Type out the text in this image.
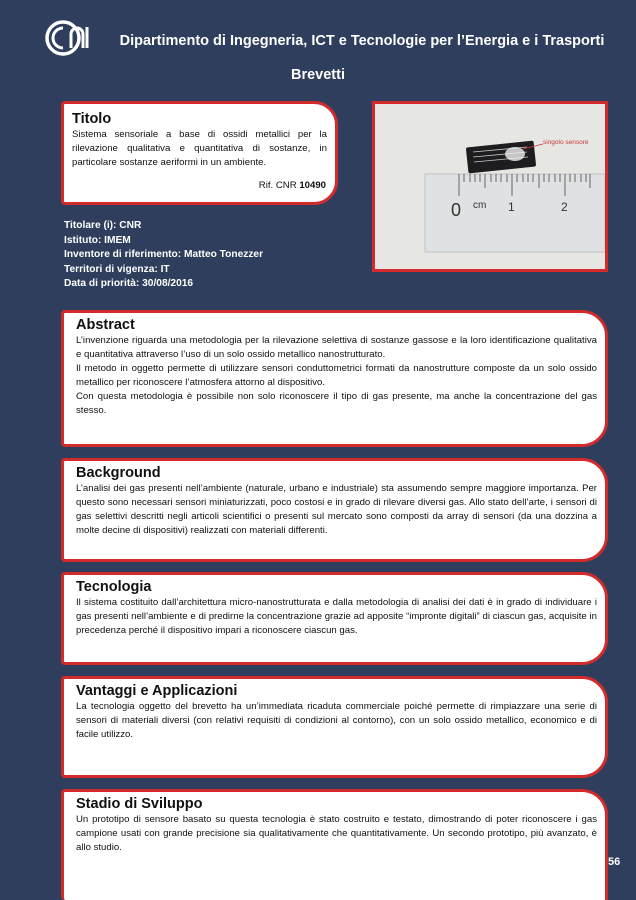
Dipartimento di Ingegneria, ICT e Tecnologie per l’Energia e i Trasporti
Brevetti
Titolo
Sistema sensoriale a base di ossidi metallici per la rilevazione qualitativa e quantitativa di sostanze, in particolare sostanze aeriformi in un ambiente.
Rif. CNR 10490
singolo sensore
0 cm 1	2
Titolare (i): CNR
Istituto: IMEM
Inventore di riferimento: Matteo Tonezzer
Territori di vigenza: IT
Data di priorità: 30/08/2016
Abstract
L’invenzione riguarda una metodologia per la rilevazione selettiva di sostanze gassose e la loro identificazione qualitativa e quantitativa attraverso l’uso di un solo ossido metallico nanostrutturato.
Il metodo in oggetto permette di utilizzare sensori conduttometrici formati da nanostrutture composte da un solo ossido metallico per riconoscere l’atmosfera attorno al dispositivo.
Con questa metodologia è possibile non solo riconoscere il tipo di gas presente, ma anche la concentrazione del gas stesso.
Background
L’analisi dei gas presenti nell’ambiente (naturale, urbano e industriale) sta assumendo sempre maggiore importanza. Per questo sono necessari sensori miniaturizzati, poco costosi e in grado di rilevare diversi gas. Allo stato dell’arte, i sensori di gas selettivi descritti negli articoli scientifici o presenti sul mercato sono composti da array di sensori (da una dozzina a molte decine di dispositivi) realizzati con materiali differenti.
Tecnologia
Il sistema costituito dall’architettura micro-nanostrutturata e dalla metodologia di analisi dei dati è in grado di individuare i gas presenti nell’ambiente e di predirne la concentrazione grazie ad apposite “impronte digitali” di ciascun gas, acquisite in precedenza perché il dispositivo impari a riconoscere ciascun gas.
Vantaggi e Applicazioni
La tecnologia oggetto del brevetto ha un’immediata ricaduta commerciale poiché permette di rimpiazzare una serie di sensori di materiali diversi (con relativi requisiti di condizioni al contorno), con un solo ossido metallico, economico e di facile utilizzo.
Stadio di Sviluppo
Un prototipo di sensore basato su questa tecnologia è stato costruito e testato, dimostrando di poter riconoscere i gas campione usati con grande precisione sia qualitativamente che quantitativamente. Un secondo prototipo, più avanzato, è allo studio.
56
